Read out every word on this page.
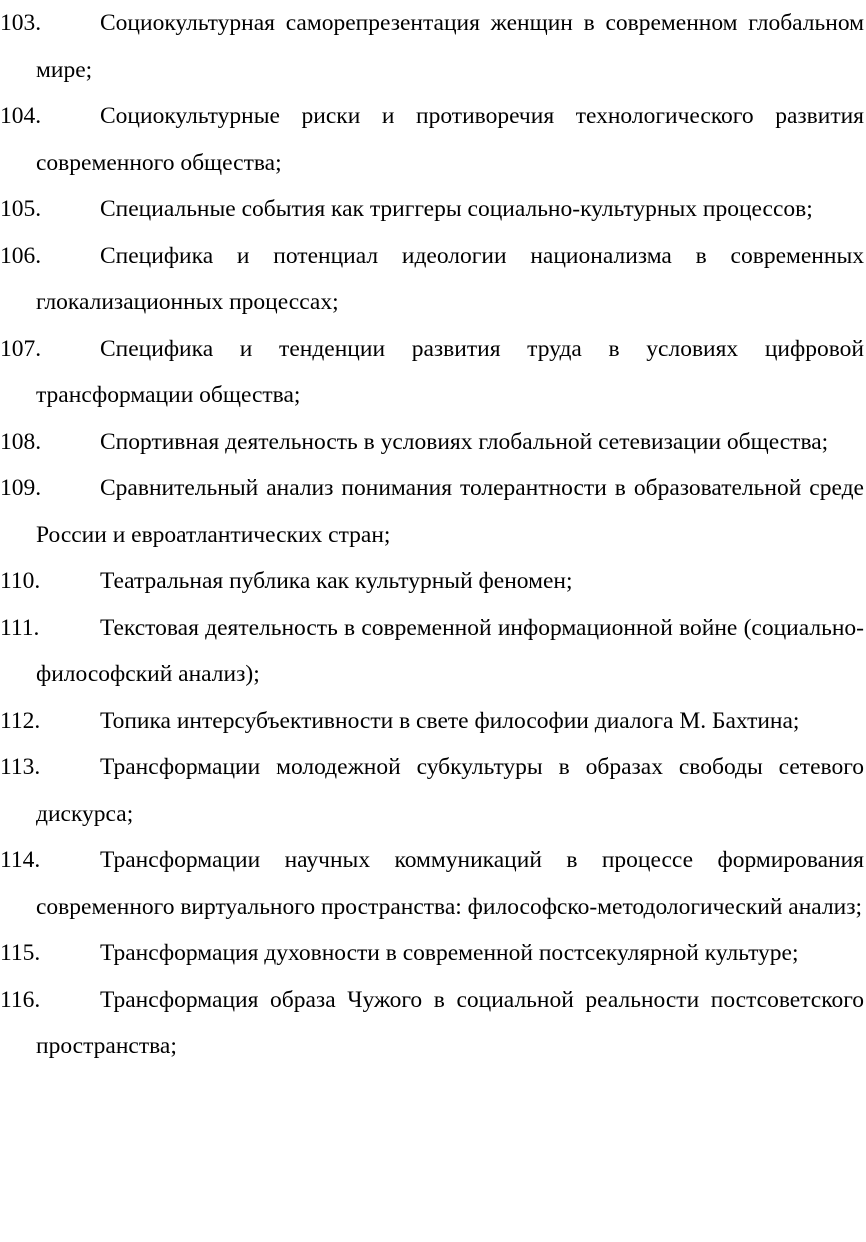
103.	Социокультурная саморепрезентация женщин в современном глобальном мире;

104.	Социокультурные риски и противоречия технологического развития современного общества;

105.	Специальные события как триггеры социально-культурных процессов;

106.	Специфика и потенциал идеологии национализма в современных глокализационных процессах;

107.	Специфика и тенденции развития труда в условиях цифровой трансформации общества;

108.	Спортивная деятельность в условиях глобальной сетевизации общества;

109.	Сравнительный анализ понимания толерантности в образовательной среде России и евроатлантических стран;

110.	Театральная публика как культурный феномен;

111.	Текстовая деятельность в современной информационной войне (социально-философский анализ);

112.	Топика интерсубъективности в свете философии диалога М. Бахтина;

113.	Трансформации молодежной субкультуры в образах свободы сетевого дискурса;

114.	Трансформации научных коммуникаций в процессе формирования современного виртуального пространства: философско-методологический анализ;

115.	Трансформация духовности в современной постсекулярной культуре;

116.	Трансформация образа Чужого в социальной реальности постсоветского пространства;
